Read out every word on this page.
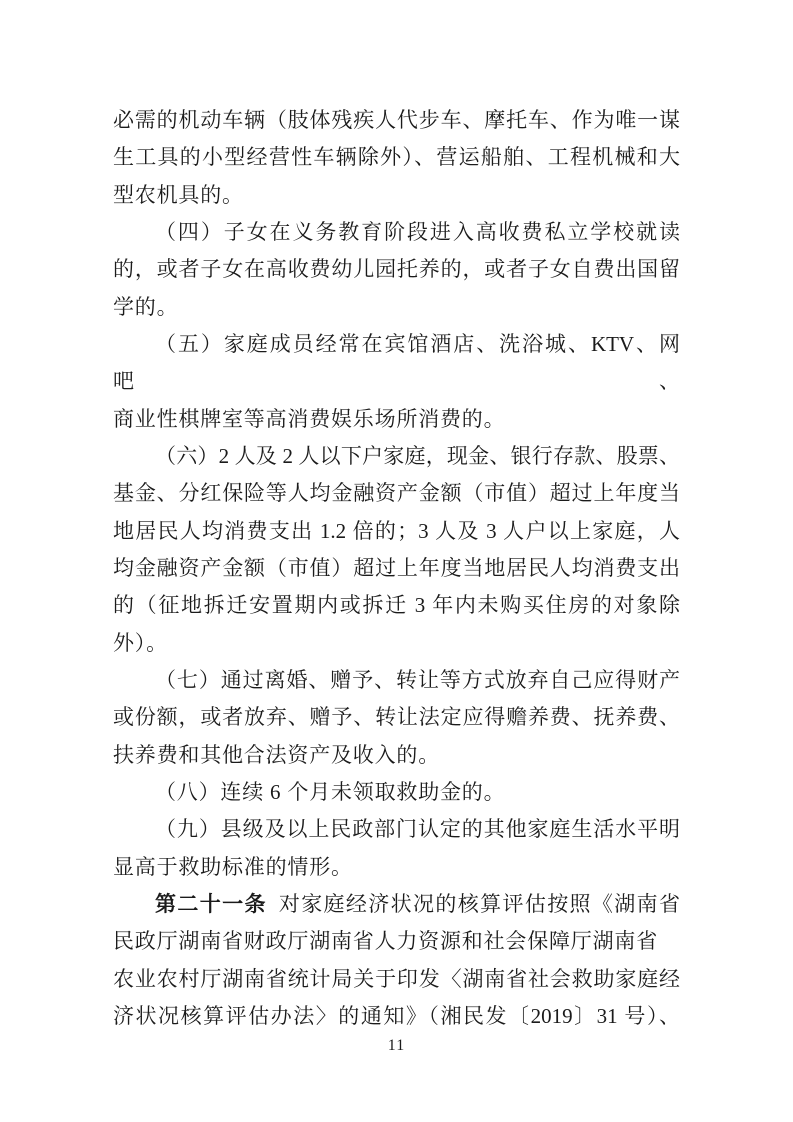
必需的机动车辆（肢体残疾人代步车、摩托车、作为唯一谋
生工具的小型经营性车辆除外）、营运船舶、工程机械和大
型农机具的。
（四）子女在义务教育阶段进入高收费私立学校就读
的，或者子女在高收费幼儿园托养的，或者子女自费出国留
学的。
（五）家庭成员经常在宾馆酒店、洗浴城、KTV、网吧、
商业性棋牌室等高消费娱乐场所消费的。
（六）2 人及 2 人以下户家庭，现金、银行存款、股票、
基金、分红保险等人均金融资产金额（市值）超过上年度当
地居民人均消费支出 1.2 倍的；3 人及 3 人户以上家庭，人
均金融资产金额（市值）超过上年度当地居民人均消费支出
的（征地拆迁安置期内或拆迁 3 年内未购买住房的对象除
外）。
（七）通过离婚、赠予、转让等方式放弃自己应得财产
或份额，或者放弃、赠予、转让法定应得赡养费、抚养费、
扶养费和其他合法资产及收入的。
（八）连续 6 个月未领取救助金的。
（九）县级及以上民政部门认定的其他家庭生活水平明
显高于救助标准的情形。
第二十一条 对家庭经济状况的核算评估按照《湖南省
民政厅湖南省财政厅湖南省人力资源和社会保障厅湖南省
农业农村厅湖南省统计局关于印发〈湖南省社会救助家庭经
济状况核算评估办法〉的通知》（湘民发〔2019〕31 号）、
11
